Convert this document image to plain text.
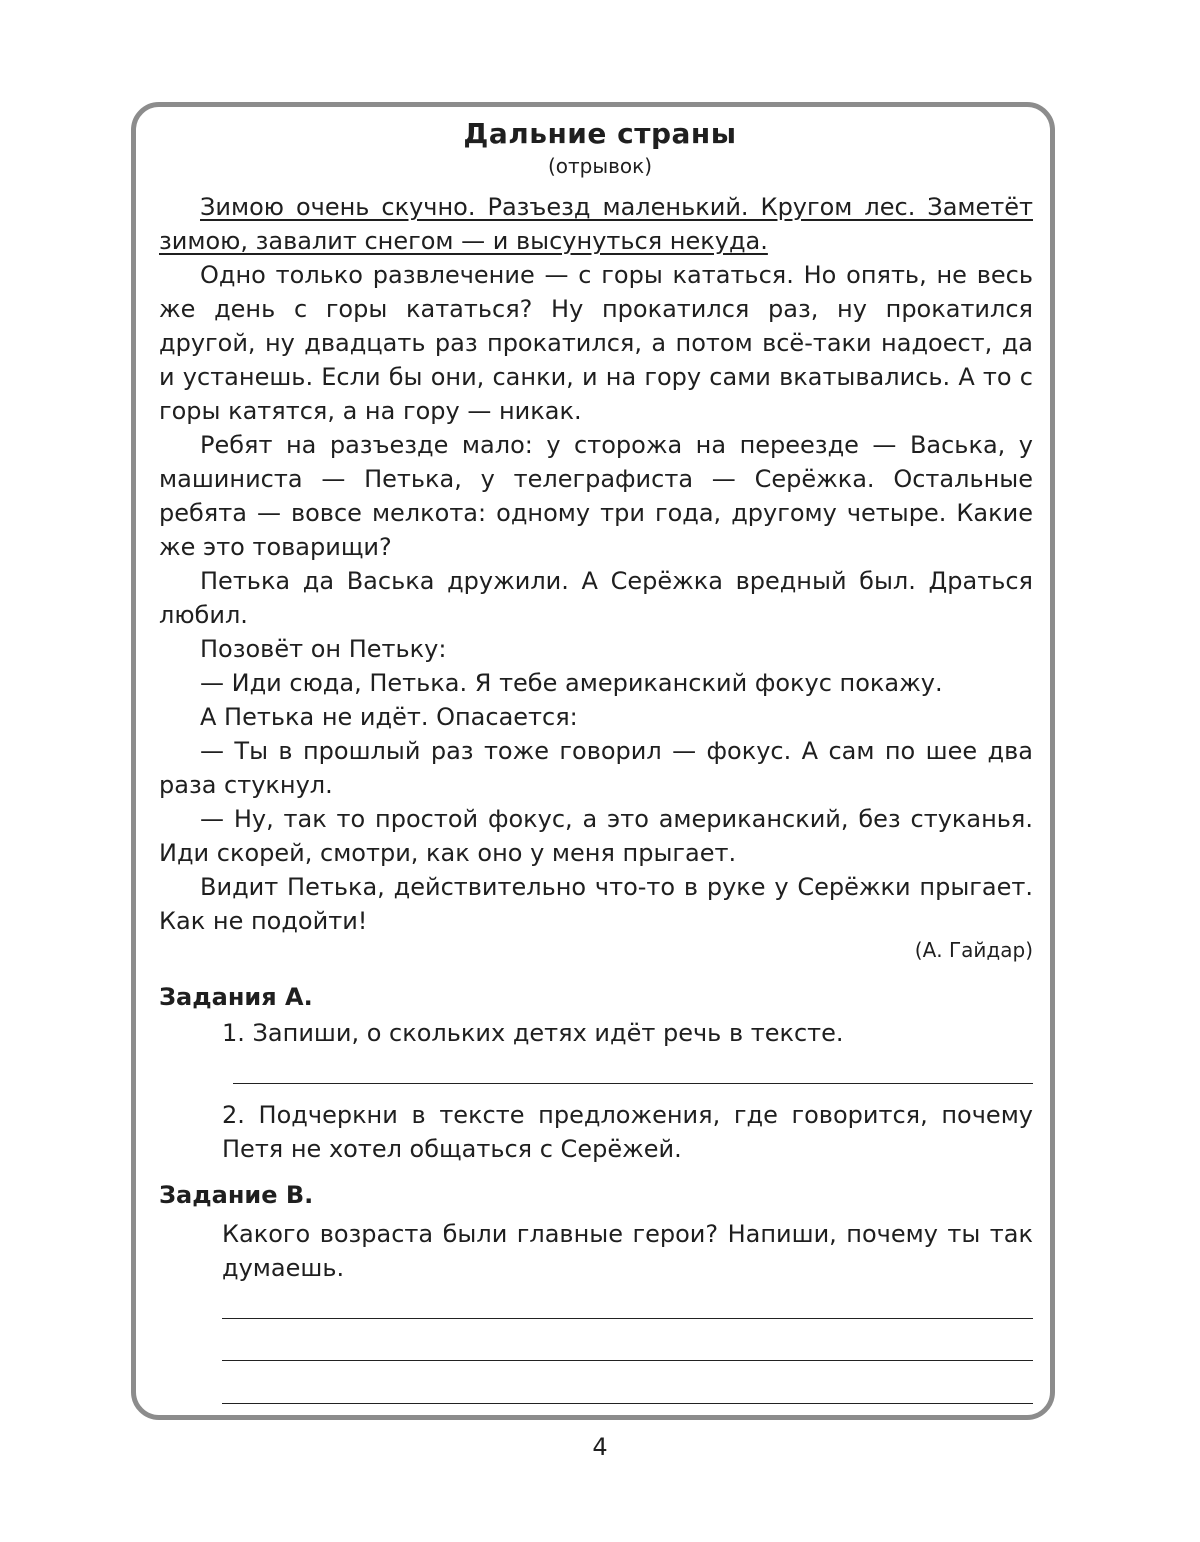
Дальние страны

(отрывок)

Зимою очень скучно. Разъезд маленький. Кругом лес. Заметёт зимою, завалит снегом — и высунуться некуда.

Одно только развлечение — с горы кататься. Но опять, не весь же день с горы кататься? Ну прокатился раз, ну прокатился другой, ну двадцать раз прокатился, а потом всё-таки надоест, да и устанешь. Если бы они, санки, и на гору сами вкатывались. А то с горы катятся, а на гору — никак.

Ребят на разъезде мало: у сторожа на переезде — Васька, у машиниста — Петька, у телеграфиста — Серёжка. Остальные ребята — вовсе мелкота: одному три года, другому четыре. Какие же это товарищи?

Петька да Васька дружили. А Серёжка вредный был. Драться любил.

Позовёт он Петьку:

— Иди сюда, Петька. Я тебе американский фокус покажу.

А Петька не идёт. Опасается:

— Ты в прошлый раз тоже говорил — фокус. А сам по шее два раза стукнул.

— Ну, так то простой фокус, а это американский, без стуканья. Иди скорей, смотри, как оно у меня прыгает.

Видит Петька, действительно что-то в руке у Серёжки прыгает. Как не подойти!

(А. Гайдар)

Задания А.

1. Запиши, о скольких детях идёт речь в тексте.

2. Подчеркни в тексте предложения, где говорится, почему Петя не хотел общаться с Серёжей.

Задание В.

Какого возраста были главные герои? Напиши, почему ты так думаешь.

4
